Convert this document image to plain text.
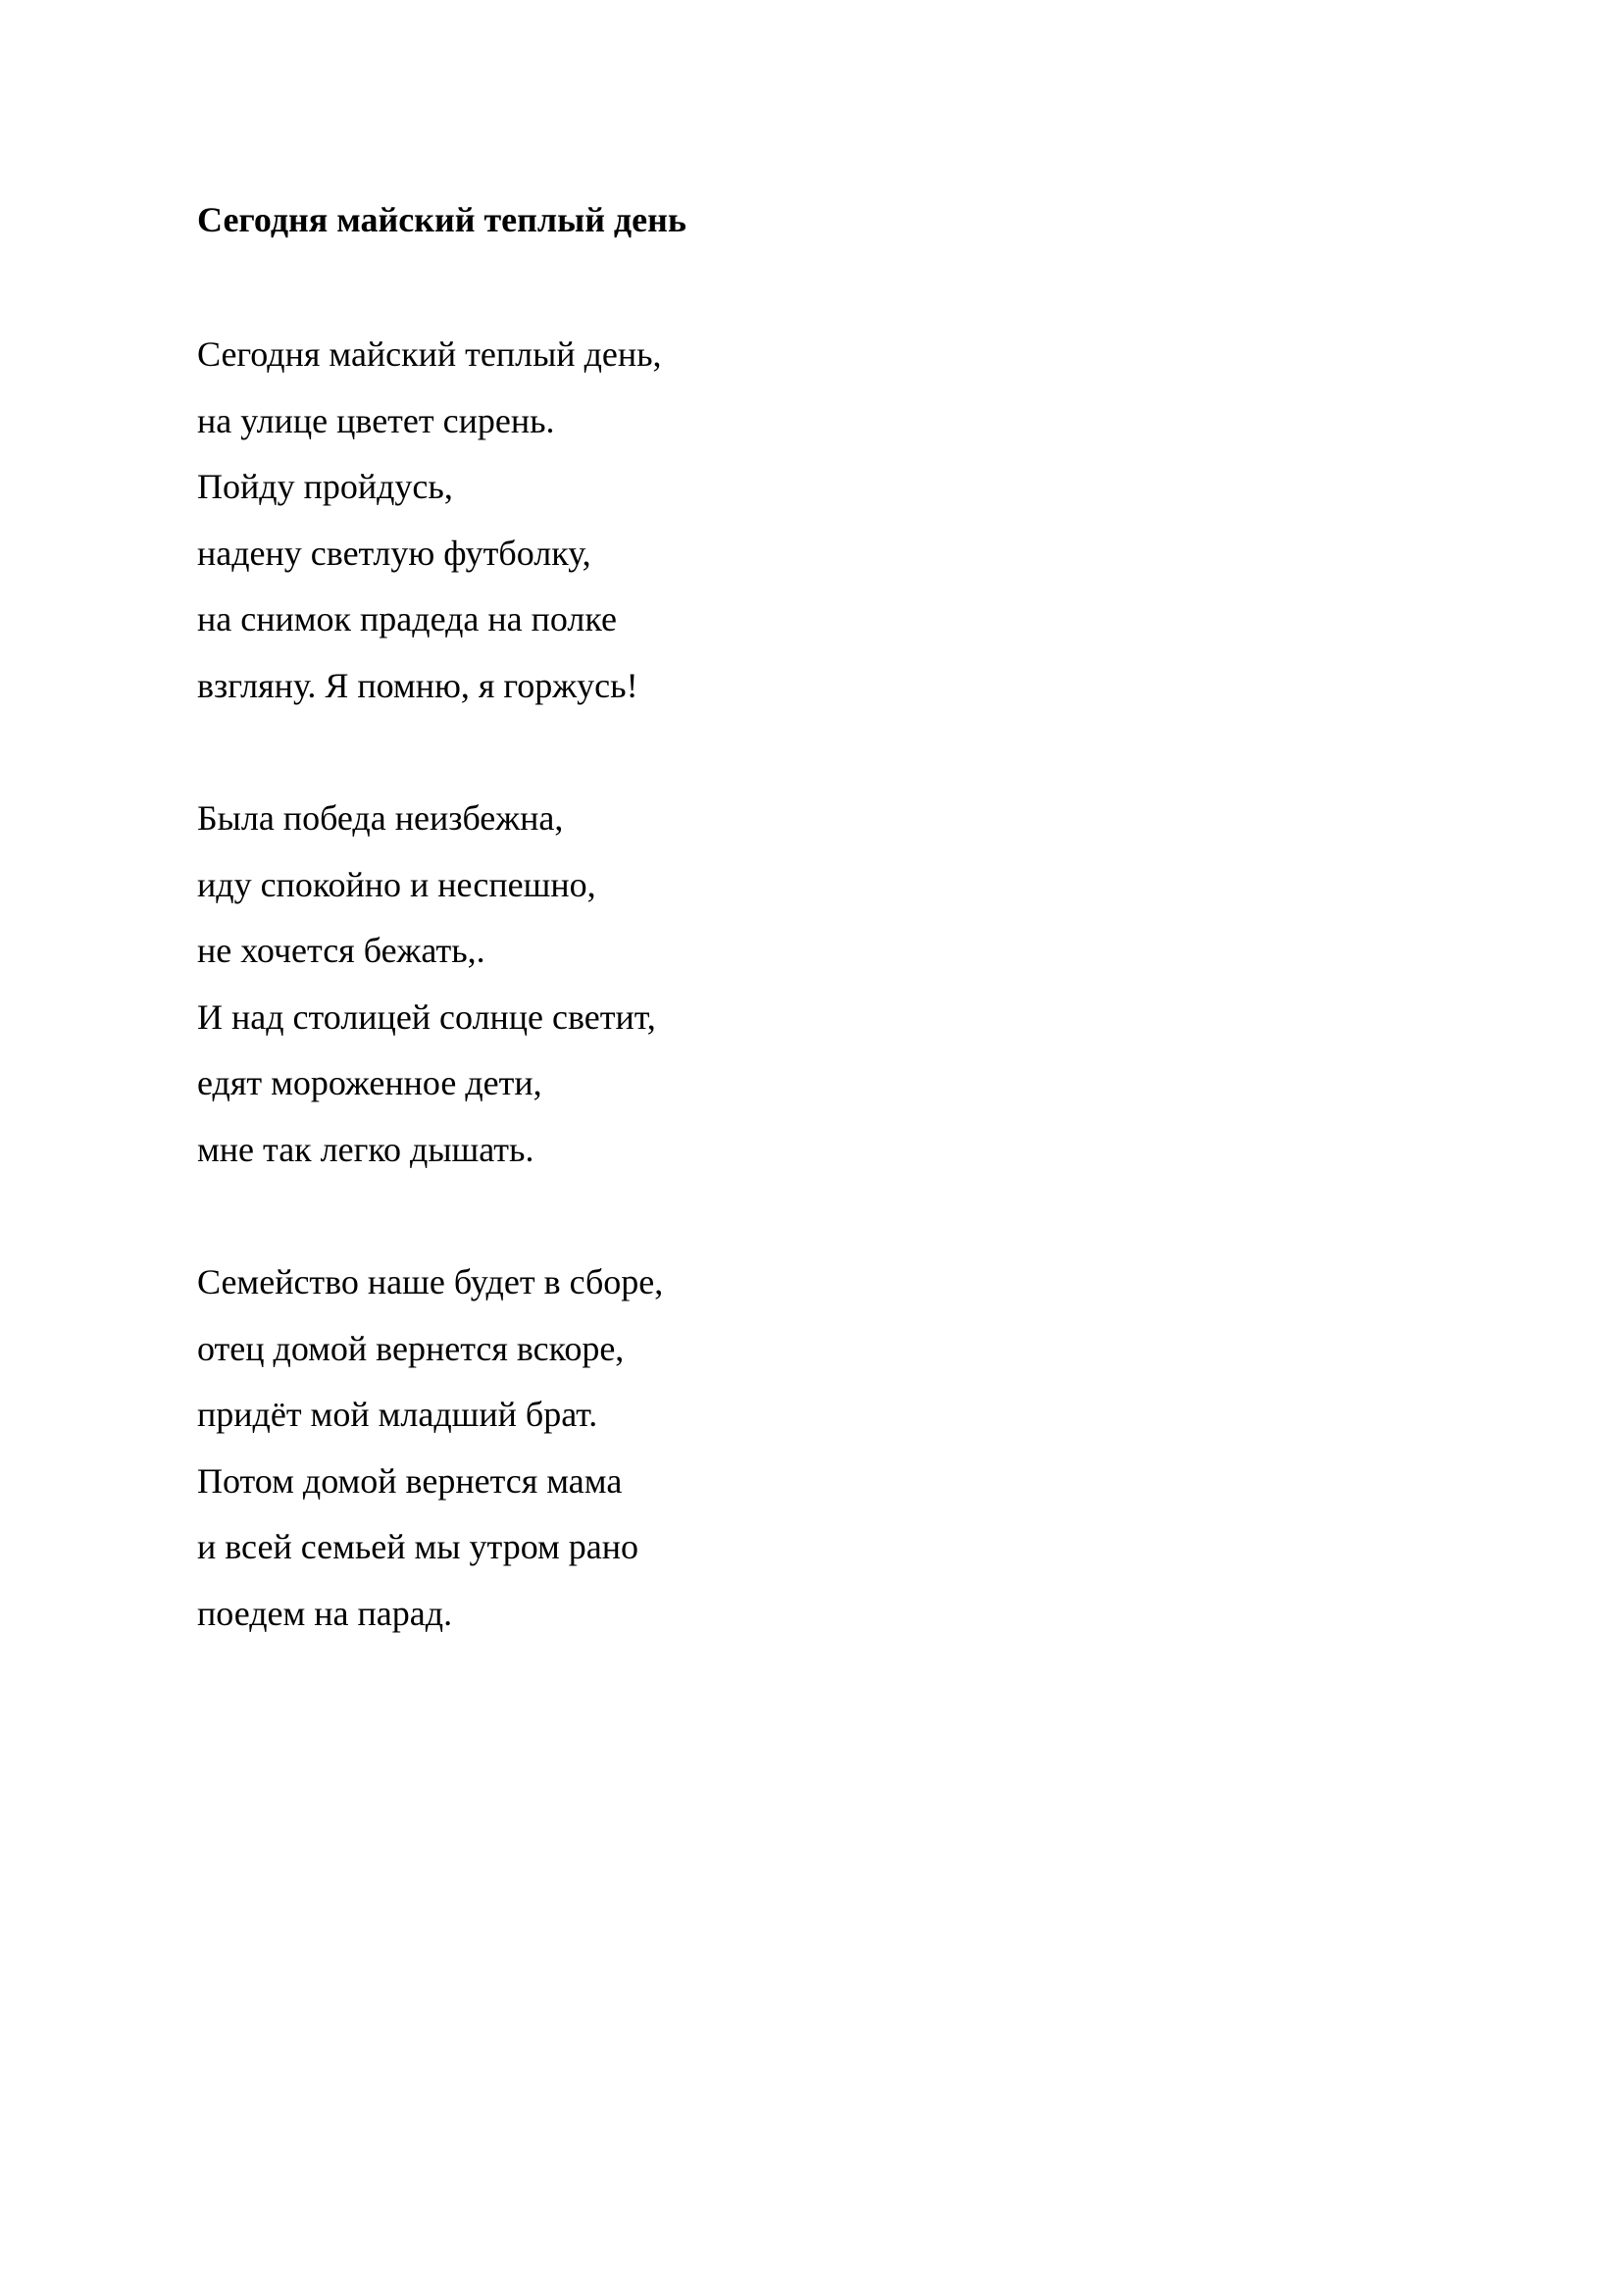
Сегодня майский теплый день
Сегодня майский теплый день,
на улице цветет сирень.
Пойду пройдусь,
надену светлую футболку,
на снимок прадеда на полке
взгляну. Я помню, я горжусь!
Была победа неизбежна,
иду спокойно и неспешно,
не хочется бежать,.
И над столицей солнце светит,
едят мороженное дети,
мне так легко дышать.
Семейство наше будет в сборе,
отец домой вернется вскоре,
придёт мой младший брат.
Потом домой вернется мама
и всей семьей мы утром рано
поедем на парад.
